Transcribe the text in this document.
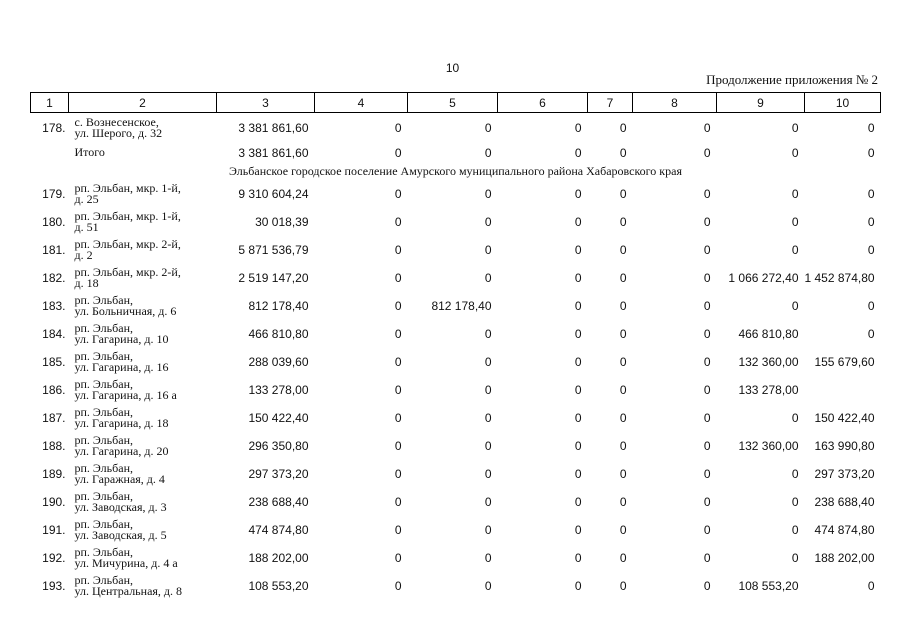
10
Продолжение приложения № 2
1	2	3	4	5	6	7	8	9	10
178.	с. Вознесенское,
ул. Шерого, д. 32	3 381 861,60	0	0	0	0	0	0	0
	Итого	3 381 861,60	0	0	0	0	0	0	0
Эльбанское городское поселение Амурского муниципального района Хабаровского края									
179.	рп. Эльбан, мкр. 1-й,
д. 25	9 310 604,24	0	0	0	0	0	0	0
180.	рп. Эльбан, мкр. 1-й,
д. 51	30 018,39	0	0	0	0	0	0	0
181.	рп. Эльбан, мкр. 2-й,
д. 2	5 871 536,79	0	0	0	0	0	0	0
182.	рп. Эльбан, мкр. 2-й,
д. 18	2 519 147,20	0	0	0	0	0	1 066 272,40	1 452 874,80
183.	рп. Эльбан,
ул. Больничная, д. 6	812 178,40	0	812 178,40	0	0	0	0	0
184.	рп. Эльбан,
ул. Гагарина, д. 10	466 810,80	0	0	0	0	0	466 810,80	0
185.	рп. Эльбан,
ул. Гагарина, д. 16	288 039,60	0	0	0	0	0	132 360,00	155 679,60
186.	рп. Эльбан,
ул. Гагарина, д. 16 а	133 278,00	0	0	0	0	0	133 278,00	
187.	рп. Эльбан,
ул. Гагарина, д. 18	150 422,40	0	0	0	0	0	0	150 422,40
188.	рп. Эльбан,
ул. Гагарина, д. 20	296 350,80	0	0	0	0	0	132 360,00	163 990,80
189.	рп. Эльбан,
ул. Гаражная, д. 4	297 373,20	0	0	0	0	0	0	297 373,20
190.	рп. Эльбан,
ул. Заводская, д. 3	238 688,40	0	0	0	0	0	0	238 688,40
191.	рп. Эльбан,
ул. Заводская, д. 5	474 874,80	0	0	0	0	0	0	474 874,80
192.	рп. Эльбан,
ул. Мичурина, д. 4 а	188 202,00	0	0	0	0	0	0	188 202,00
193.	рп. Эльбан,
ул. Центральная, д. 8	108 553,20	0	0	0	0	0	108 553,20	0
